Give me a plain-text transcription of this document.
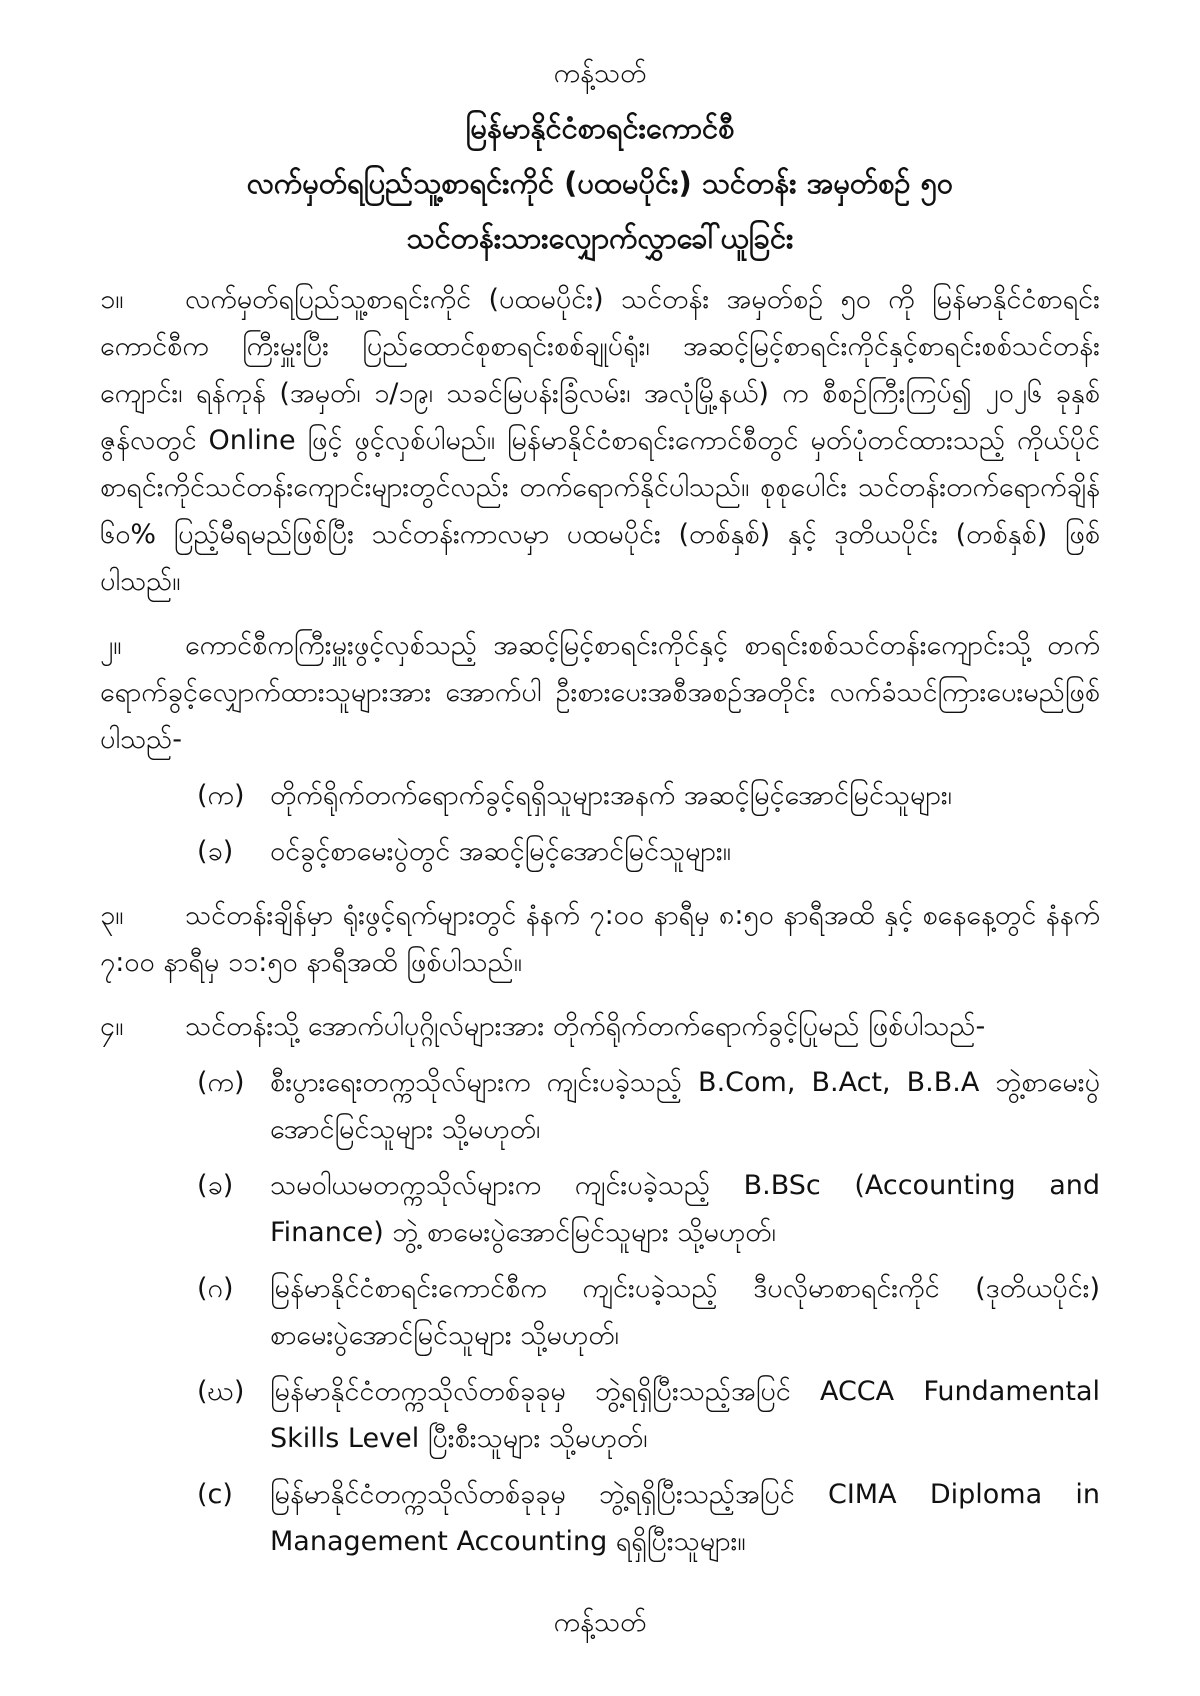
ကန့်သတ်
မြန်မာနိုင်ငံစာရင်းကောင်စီ
လက်မှတ်ရပြည်သူ့စာရင်းကိုင် (ပထမပိုင်း) သင်တန်း အမှတ်စဉ် ၅၀
သင်တန်းသားလျှောက်လွှာခေါ်ယူခြင်း
၁။ လက်မှတ်ရပြည်သူ့စာရင်းကိုင် (ပထမပိုင်း) သင်တန်း အမှတ်စဉ် ၅၀ ကို မြန်မာနိုင်ငံစာရင်းကောင်စီက ကြီးမှူးပြီး ပြည်ထောင်စုစာရင်းစစ်ချုပ်ရုံး၊ အဆင့်မြင့်စာရင်းကိုင်နှင့်စာရင်းစစ်သင်တန်းကျောင်း၊ ရန်ကုန် (အမှတ်၊ ၁/၁၉၊ သခင်မြပန်းခြံလမ်း၊ အလုံမြို့နယ်) က စီစဉ်ကြီးကြပ်၍ ၂၀၂၆ ခုနှစ် ဇွန်လတွင် Online ဖြင့် ဖွင့်လှစ်ပါမည်။ မြန်မာနိုင်ငံစာရင်းကောင်စီတွင် မှတ်ပုံတင်ထားသည့် ကိုယ်ပိုင်စာရင်းကိုင်သင်တန်းကျောင်းများတွင်လည်း တက်ရောက်နိုင်ပါသည်။ စုစုပေါင်း သင်တန်းတက်ရောက်ချိန် ၆၀% ပြည့်မီရမည်ဖြစ်ပြီး သင်တန်းကာလမှာ ပထမပိုင်း (တစ်နှစ်) နှင့် ဒုတိယပိုင်း (တစ်နှစ်) ဖြစ်ပါသည်။
၂။ ကောင်စီကကြီးမှူးဖွင့်လှစ်သည့် အဆင့်မြင့်စာရင်းကိုင်နှင့် စာရင်းစစ်သင်တန်းကျောင်းသို့ တက်ရောက်ခွင့်လျှောက်ထားသူများအား အောက်ပါ ဦးစားပေးအစီအစဉ်အတိုင်း လက်ခံသင်ကြားပေးမည်ဖြစ်ပါသည်-
(က) တိုက်ရိုက်တက်ရောက်ခွင့်ရရှိသူများအနက် အဆင့်မြင့်အောင်မြင်သူများ၊
(ခ)	ဝင်ခွင့်စာမေးပွဲတွင် အဆင့်မြင့်အောင်မြင်သူများ။
၃။ သင်တန်းချိန်မှာ ရုံးဖွင့်ရက်များတွင် နံနက် ၇:၀၀ နာရီမှ ၈:၅၀ နာရီအထိ နှင့် စနေနေ့တွင် နံနက် ၇:၀၀ နာရီမှ ၁၁:၅၀ နာရီအထိ ဖြစ်ပါသည်။
၄။ သင်တန်းသို့ အောက်ပါပုဂ္ဂိုလ်များအား တိုက်ရိုက်တက်ရောက်ခွင့်ပြုမည် ဖြစ်ပါသည်-
(က) စီးပွားရေးတက္ကသိုလ်များက ကျင်းပခဲ့သည့် B.Com, B.Act, B.B.A ဘွဲ့စာမေးပွဲ အောင်မြင်သူများ သို့မဟုတ်၊
(ခ)	သမဝါယမတက္ကသိုလ်များက ကျင်းပခဲ့သည့် B.BSc (Accounting and Finance) ဘွဲ့ စာမေးပွဲအောင်မြင်သူများ သို့မဟုတ်၊
(ဂ)	မြန်မာနိုင်ငံစာရင်းကောင်စီက ကျင်းပခဲ့သည့် ဒီပလိုမာစာရင်းကိုင် (ဒုတိယပိုင်း) စာမေးပွဲအောင်မြင်သူများ သို့မဟုတ်၊
(ဃ) မြန်မာနိုင်ငံတက္ကသိုလ်တစ်ခုခုမှ ဘွဲ့ရရှိပြီးသည့်အပြင် ACCA Fundamental Skills Level ပြီးစီးသူများ သို့မဟုတ်၊
(c)	မြန်မာနိုင်ငံတက္ကသိုလ်တစ်ခုခုမှ ဘွဲ့ရရှိပြီးသည့်အပြင် CIMA Diploma in Management Accounting ရရှိပြီးသူများ။
ကန့်သတ်
